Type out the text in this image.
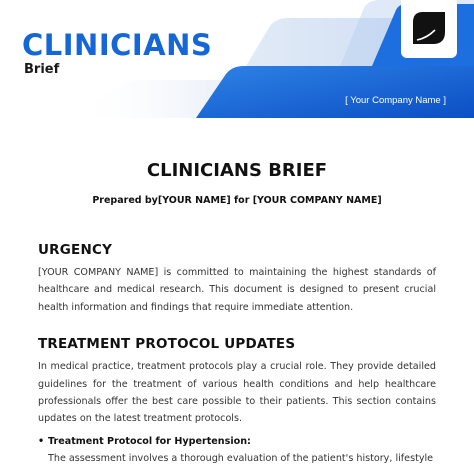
CLINICIANS

Brief

[ Your Company Name ]
CLINICIANS BRIEF

Prepared by[YOUR NAME] for [YOUR COMPANY NAME]

URGENCY

[YOUR COMPANY NAME] is committed to maintaining the highest standards of healthcare and medical research. This document is designed to present crucial health information and findings that require immediate attention.

TREATMENT PROTOCOL UPDATES

In medical practice, treatment protocols play a crucial role. They provide detailed guidelines for the treatment of various health conditions and help healthcare professionals offer the best care possible to their patients. This section contains updates on the latest treatment protocols.

• Treatment Protocol for Hypertension:
The assessment involves a thorough evaluation of the patient's history, lifestyle
